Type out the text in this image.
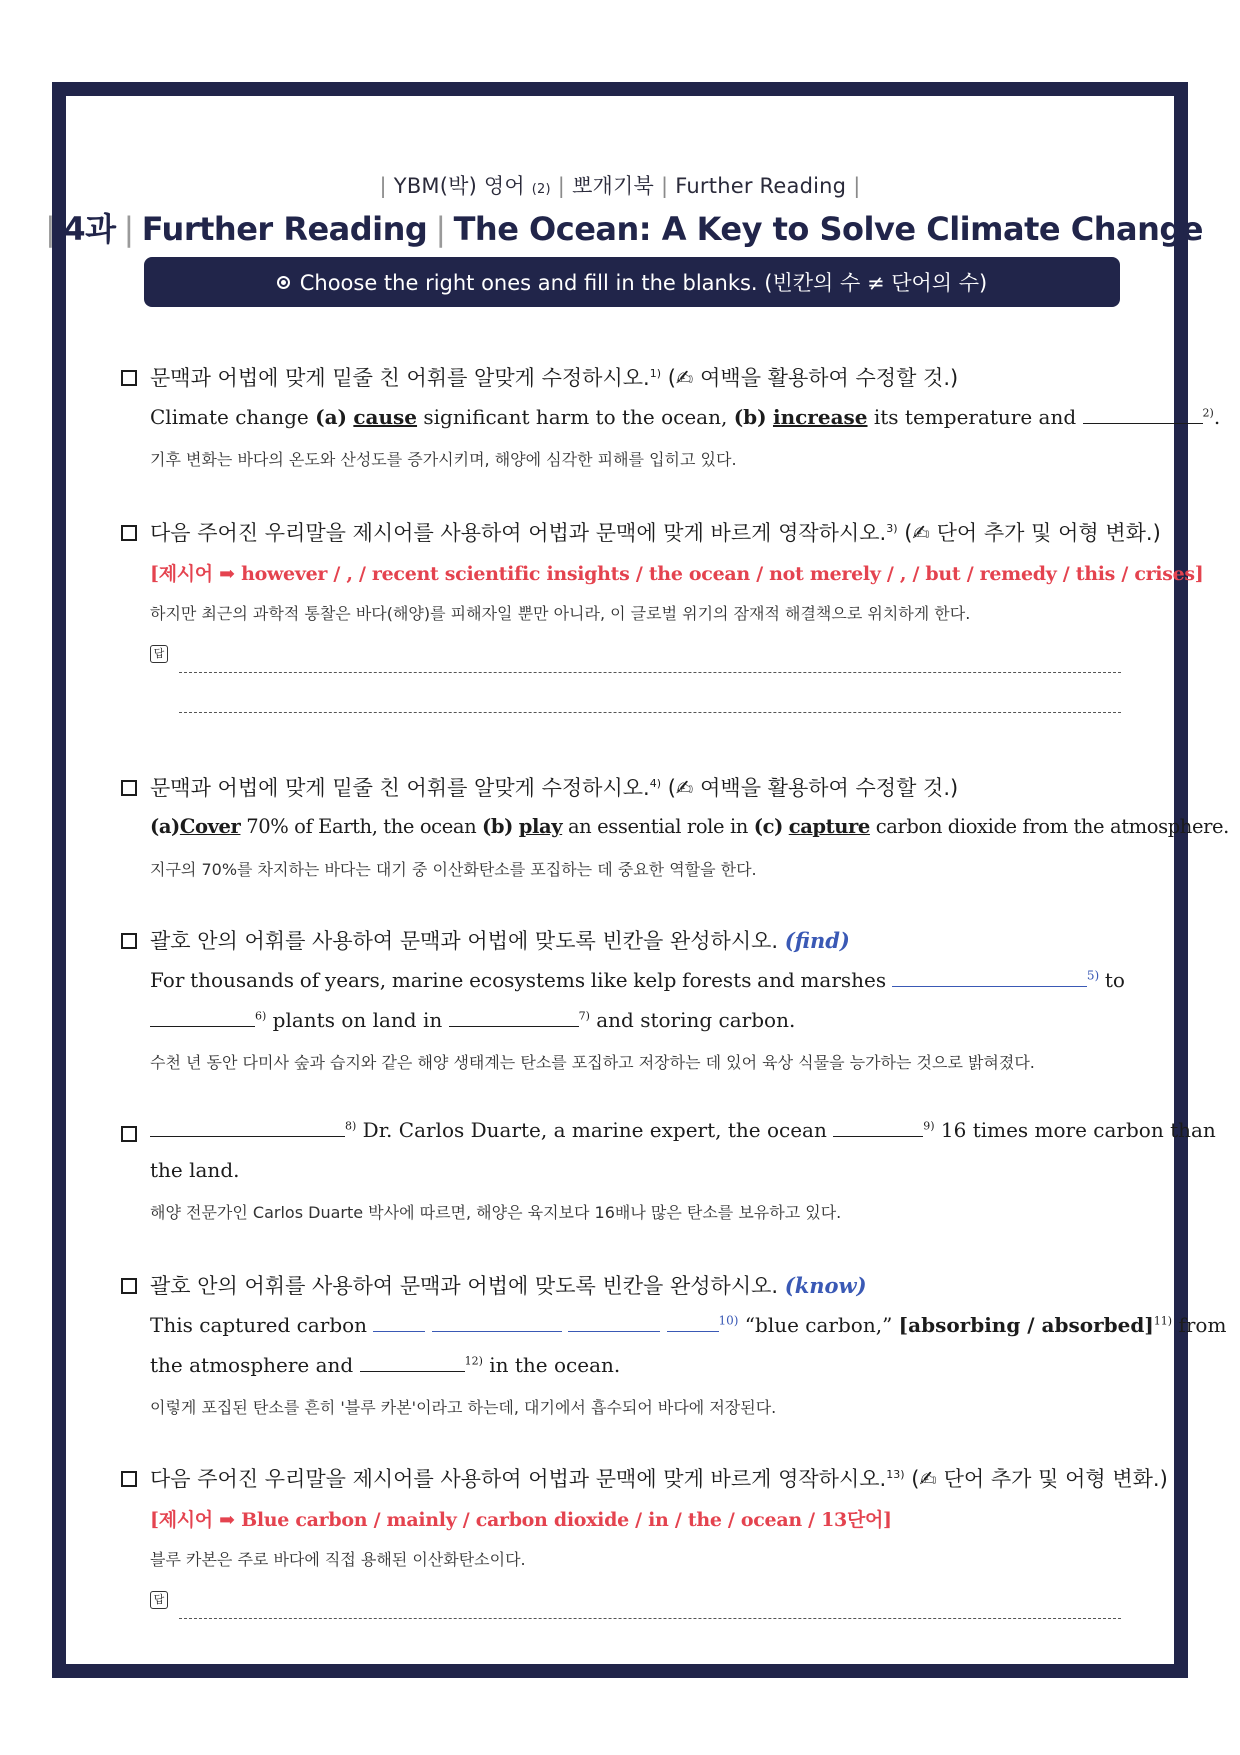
| YBM(박) 영어 (2) | 뽀개기북 | Further Reading |
| 4과 | Further Reading | The Ocean: A Key to Solve Climate Change
Choose the right ones and fill in the blanks. (빈칸의 수 ≠ 단어의 수)
문맥과 어법에 맞게 밑줄 친 어휘를 알맞게 수정하시오.$^{1)}$ (✍ 여백을 활용하여 수정할 것.)
Climate change (a) cause significant harm to the ocean, (b) increase its temperature and	$^{2)}$.
기후 변화는 바다의 온도와 산성도를 증가시키며, 해양에 심각한 피해를 입히고 있다.
다음 주어진 우리말을 제시어를 사용하여 어법과 문맥에 맞게 바르게 영작하시오.$^{3)}$ (✍ 단어 추가 및 어형 변화.)
[제시어 ➡ however / , / recent scientific insights / the ocean / not merely / , / but / remedy / this / crises]
하지만 최근의 과학적 통찰은 바다(해양)를 피해자일 뿐만 아니라, 이 글로벌 위기의 잠재적 해결책으로 위치하게 한다.
답
문맥과 어법에 맞게 밑줄 친 어휘를 알맞게 수정하시오.$^{4)}$ (✍ 여백을 활용하여 수정할 것.)
(a)Cover 70% of Earth, the ocean (b) play an essential role in (c) capture carbon dioxide from the atmosphere.
지구의 70%를 차지하는 바다는 대기 중 이산화탄소를 포집하는 데 중요한 역할을 한다.
괄호 안의 어휘를 사용하여 문맥과 어법에 맞도록 빈칸을 완성하시오. (find)
For thousands of years, marine ecosystems like kelp forests and marshes	$^{5)}$ to
$^{6)}$ plants on land in	$^{7)}$ and storing carbon.
수천 년 동안 다미사 숲과 습지와 같은 해양 생태계는 탄소를 포집하고 저장하는 데 있어 육상 식물을 능가하는 것으로 밝혀졌다.
$^{8)}$ Dr. Carlos Duarte, a marine expert, the ocean	$^{9)}$ 16 times more carbon than
the land.
해양 전문가인 Carlos Duarte 박사에 따르면, 해양은 육지보다 16배나 많은 탄소를 보유하고 있다.
괄호 안의 어휘를 사용하여 문맥과 어법에 맞도록 빈칸을 완성하시오. (know)
This captured carbon	$^{10)}$ “blue carbon,” [absorbing / absorbed]$^{11)}$ from
the atmosphere and	$^{12)}$ in the ocean.
이렇게 포집된 탄소를 흔히 '블루 카본'이라고 하는데, 대기에서 흡수되어 바다에 저장된다.
다음 주어진 우리말을 제시어를 사용하여 어법과 문맥에 맞게 바르게 영작하시오.$^{13)}$ (✍ 단어 추가 및 어형 변화.)
[제시어 ➡ Blue carbon / mainly / carbon dioxide / in / the / ocean / 13단어]
블루 카본은 주로 바다에 직접 용해된 이산화탄소이다.
답
